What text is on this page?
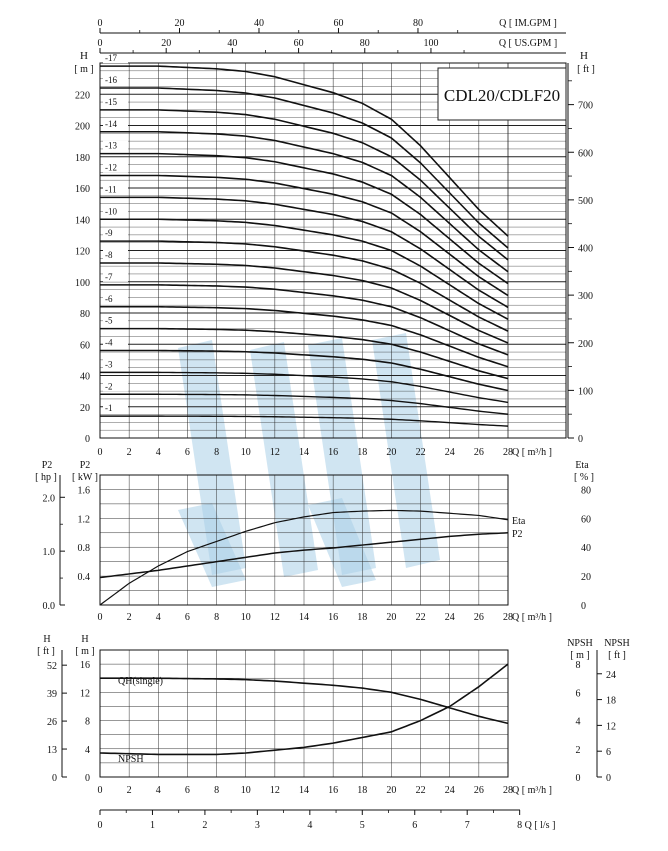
-1
-2
-3
-4
-5
-6
-7
-8
-9
-10
-11
-12
-13
-14
-15
-16
-17
0
20
40
60
80
100
120
140
160
180
200
220
H
[ m ]
0
100
200
300
400
500
600
700
H
[ ft ]
0 2 4 6 8 10 12 14 16 18 20 22 24 26 28 Q [ m³/h ]
0	20	40	60	80	100	Q [ US.GPM ]
0	20	40	60	80	Q [ IM.GPM ]
Eta
P2
0.4
0.8
1.2
1.6
0.0
1.0
2.0
P2
[ hp ]
P2
[ kW ]
0
20
40
60
80
Eta
[ % ]
0 2 4 6 8 10 12 14 16 18 20 22 24 26 28 Q [ m³/h ]
QH(single)
NPSH
0
4
8
12
16
0
13
26
39
52
H
[ ft ]
H
[ m ]
0
2
4
6
8
0
6
12
18
24
NPSH
[ m ]
NPSH
[ ft ]
0 2 4 6 8 10 12 14 16 18 20 22 24 26 28 Q [ m³/h ]
0	1	2	3	4	5	6	7	8 Q [ l/s ]
CDL20/CDLF20
